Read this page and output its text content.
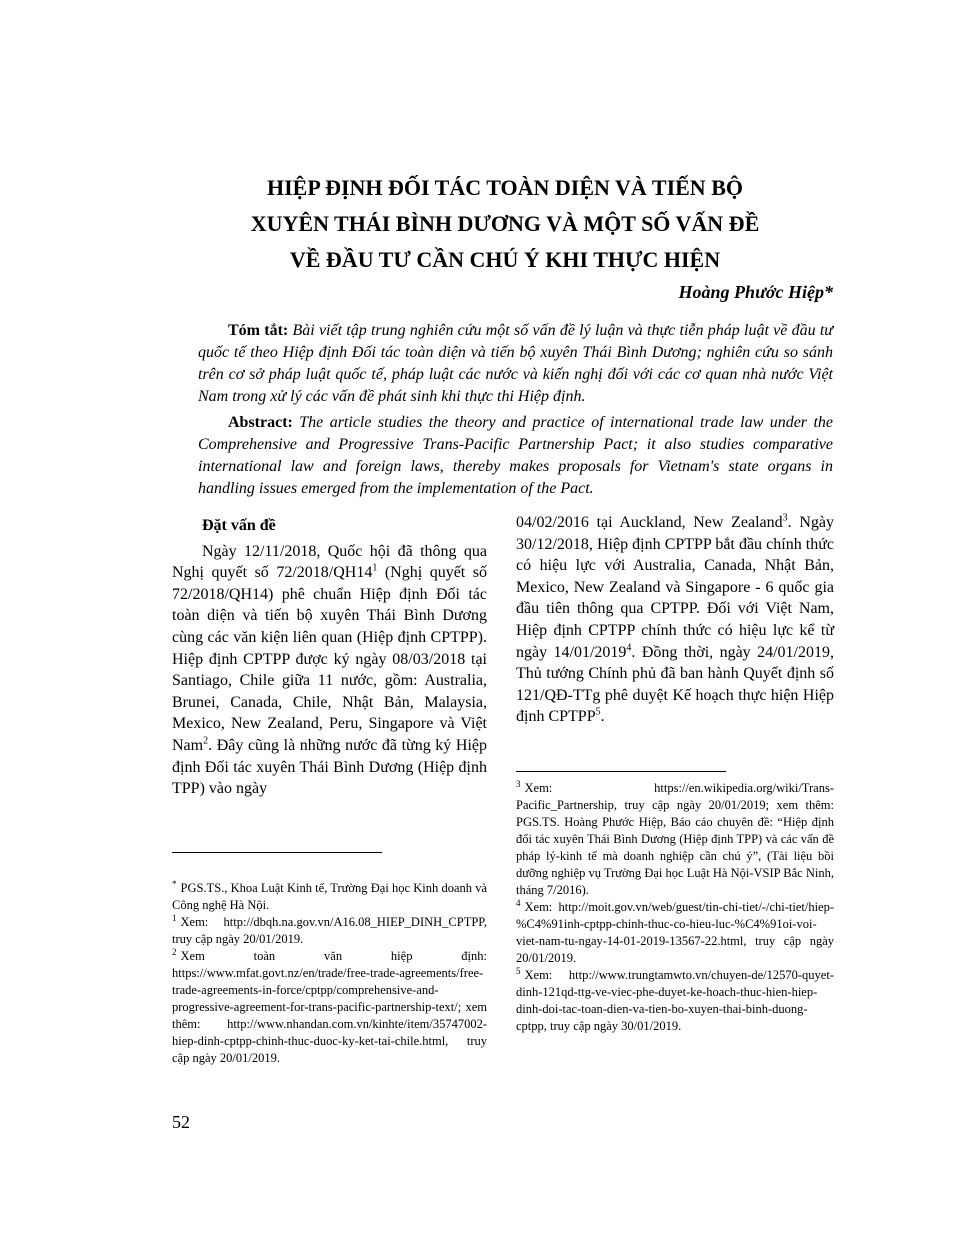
HIỆP ĐỊNH ĐỐI TÁC TOÀN DIỆN VÀ TIẾN BỘ
XUYÊN THÁI BÌNH DƯƠNG VÀ MỘT SỐ VẤN ĐỀ
VỀ ĐẦU TƯ CẦN CHÚ Ý KHI THỰC HIỆN
Hoàng Phước Hiệp*
Tóm tắt: Bài viết tập trung nghiên cứu một số vấn đề lý luận và thực tiễn pháp luật về đầu tư quốc tế theo Hiệp định Đối tác toàn diện và tiến bộ xuyên Thái Bình Dương; nghiên cứu so sánh trên cơ sở pháp luật quốc tế, pháp luật các nước và kiến nghị đối với các cơ quan nhà nước Việt Nam trong xử lý các vấn đề phát sinh khi thực thi Hiệp định.
Abstract: The article studies the theory and practice of international trade law under the Comprehensive and Progressive Trans-Pacific Partnership Pact; it also studies comparative international law and foreign laws, thereby makes proposals for Vietnam's state organs in handling issues emerged from the implementation of the Pact.

Đặt vấn đề

Ngày 12/11/2018, Quốc hội đã thông qua Nghị quyết số $72/2018/QH14^1$ (Nghị quyết số 72/2018/QH14) phê chuẩn Hiệp định Đối tác toàn diện và tiến bộ xuyên Thái Bình Dương cùng các văn kiện liên quan (Hiệp định CPTPP). Hiệp định CPTPP được ký ngày 08/03/2018 tại Santiago, Chile giữa 11 nước, gồm: Australia, Brunei, Canada, Chile, Nhật Bản, Malaysia, Mexico, New Zealand, Peru, Singapore và Việt Nam$^2$. Đây cũng là những nước đã từng ký Hiệp định Đối tác xuyên Thái Bình Dương (Hiệp định TPP) vào ngày

04/02/2016 tại Auckland, New Zealand$^3$. Ngày 30/12/2018, Hiệp định CPTPP bắt đầu chính thức có hiệu lực với Australia, Canada, Nhật Bản, Mexico, New Zealand và Singapore - 6 quốc gia đầu tiên thông qua CPTPP. Đối với Việt Nam, Hiệp định CPTPP chính thức có hiệu lực kể từ ngày 14/01/2019$^4$. Đồng thời, ngày 24/01/2019, Thủ tướng Chính phủ đã ban hành Quyết định số 121/QĐ-TTg phê duyệt Kế hoạch thực hiện Hiệp định CPTPP$^5$.

* PGS.TS., Khoa Luật Kinh tế, Trường Đại học Kinh doanh và Công nghệ Hà Nội.

$^1$ Xem: http://dbqh.na.gov.vn/A16.08_HIEP_DINH_CPTPP, truy cập ngày 20/01/2019.

$^2$ Xem toàn văn hiệp định: https://www.mfat.govt.nz/en/trade/free-trade-agreements/free-trade-agreements-in-force/cptpp/comprehensive-and-progressive-agreement-for-trans-pacific-partnership-text/; xem thêm: http://www.nhandan.com.vn/kinhte/item/35747002-hiep-dinh-cptpp-chinh-thuc-duoc-ky-ket-tai-chile.html, truy cập ngày 20/01/2019.

$^3$ Xem: https://en.wikipedia.org/wiki/Trans-Pacific_Partnership, truy cập ngày 20/01/2019; xem thêm: PGS.TS. Hoàng Phước Hiệp, Báo cáo chuyên đề: “Hiệp định đối tác xuyên Thái Bình Dương (Hiệp định TPP) và các vấn đề pháp lý-kinh tế mà doanh nghiệp cần chú ý”, (Tài liệu bồi dưỡng nghiệp vụ Trường Đại học Luật Hà Nội-VSIP Bắc Ninh, tháng 7/2016).

$^4$ Xem: http://moit.gov.vn/web/guest/tin-chi-tiet/-/chi-tiet/hiep-%C4%91inh-cptpp-chinh-thuc-co-hieu-luc-%C4%91oi-voi-viet-nam-tu-ngay-14-01-2019-13567-22.html, truy cập ngày 20/01/2019.

$^5$ Xem: http://www.trungtamwto.vn/chuyen-de/12570-quyet-dinh-121qd-ttg-ve-viec-phe-duyet-ke-hoach-thuc-hien-hiep-dinh-doi-tac-toan-dien-va-tien-bo-xuyen-thai-binh-duong-cptpp, truy cập ngày 30/01/2019.

52
